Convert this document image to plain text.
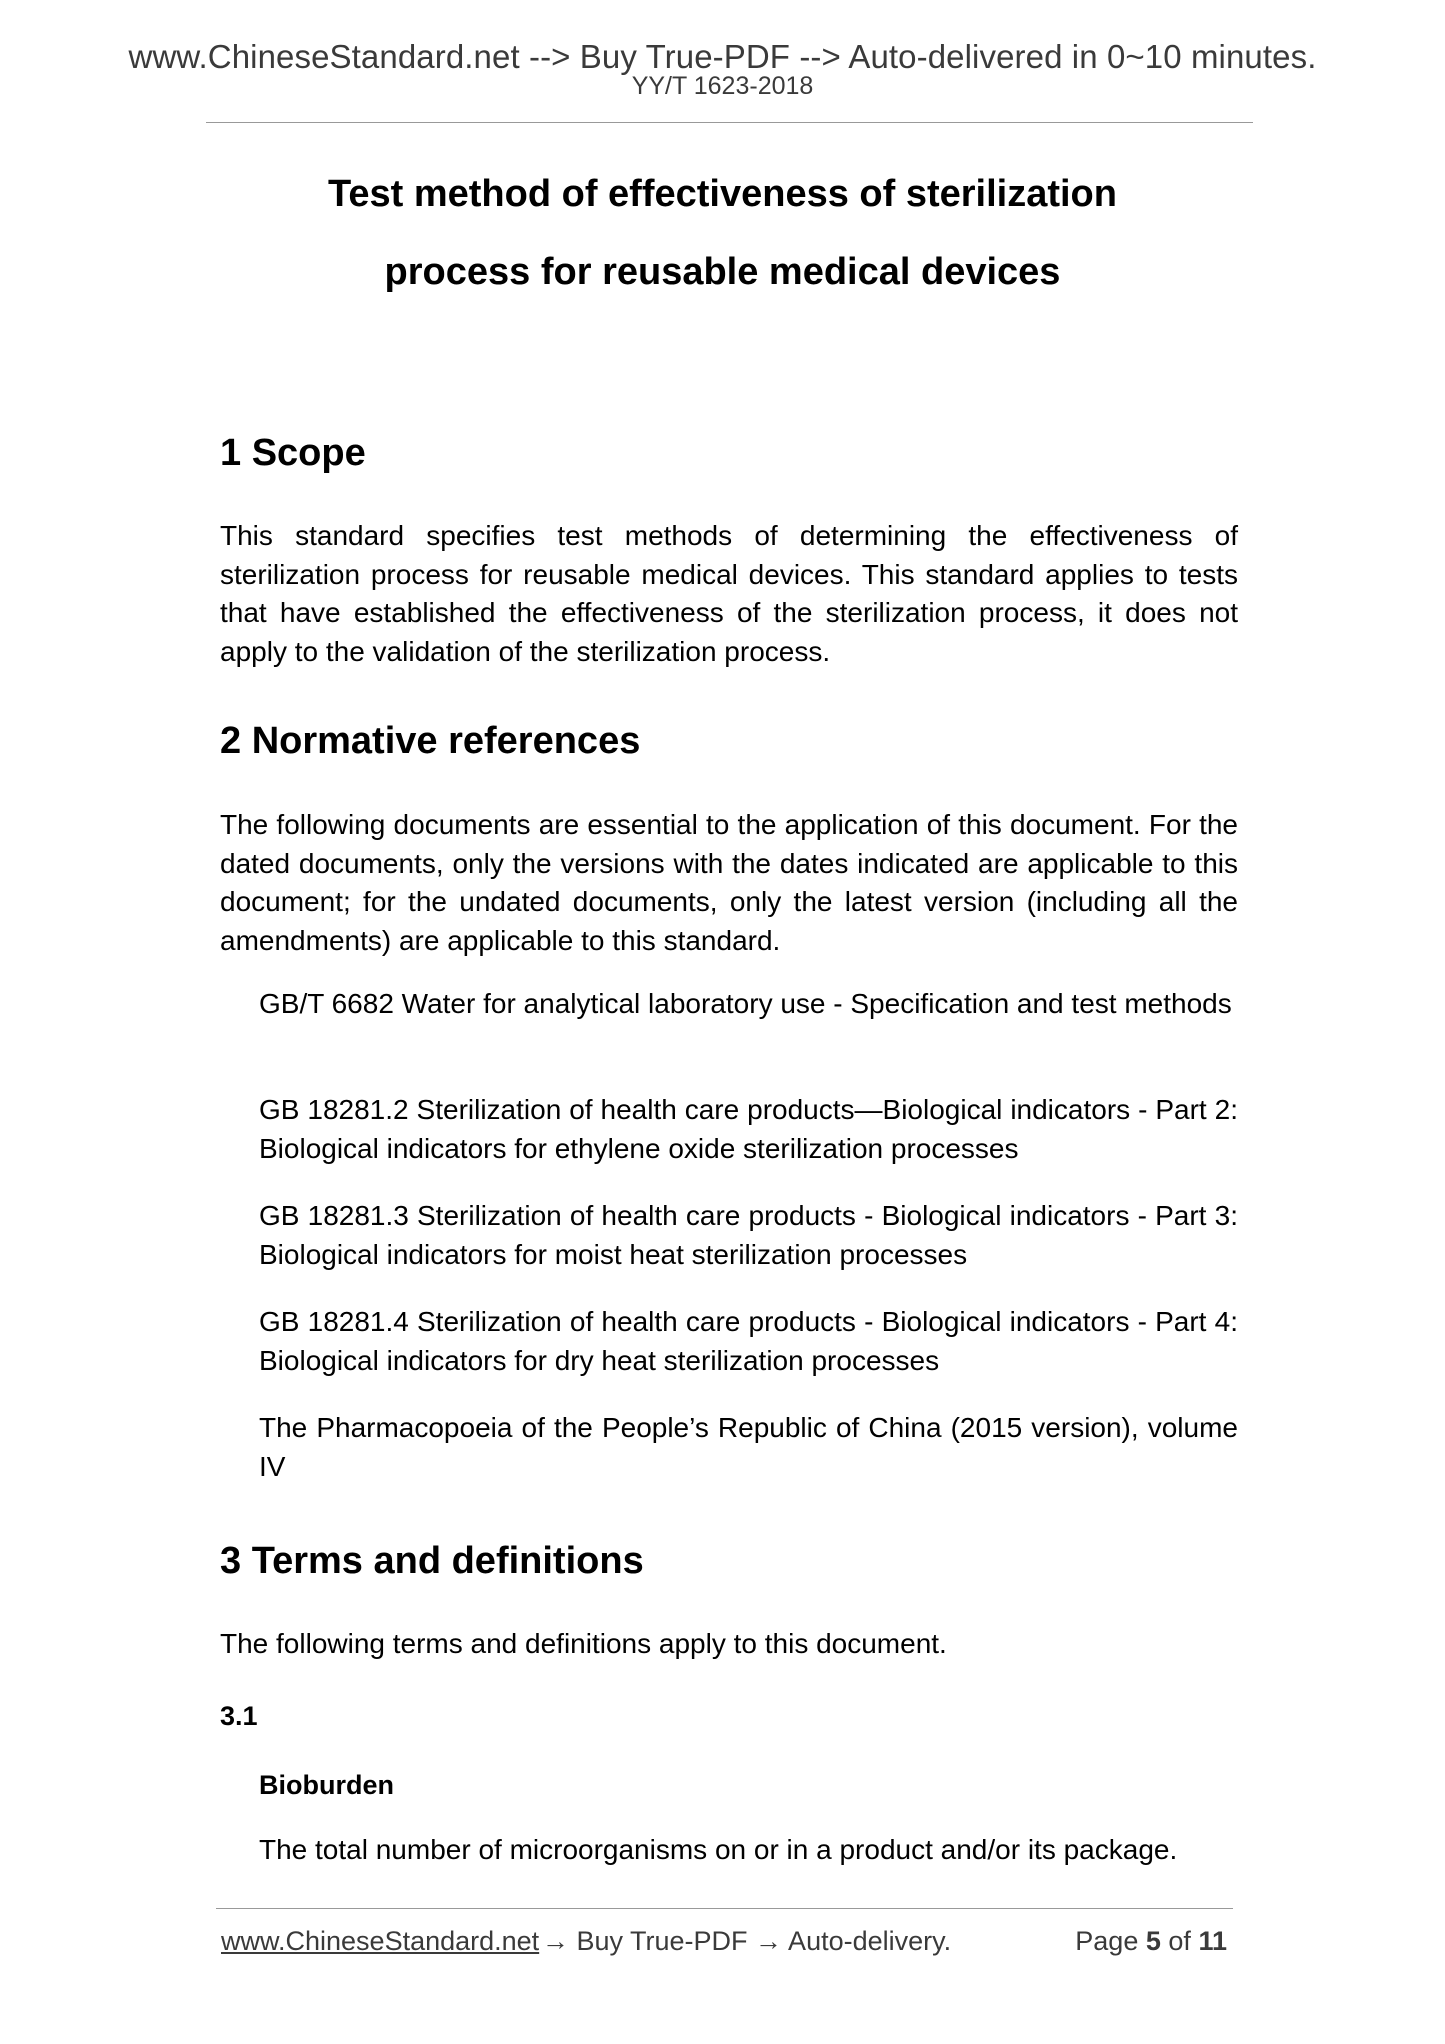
www.ChineseStandard.net --> Buy True-PDF --> Auto-delivered in 0~10 minutes.
YY/T 1623-2018
Test method of effectiveness of sterilization
process for reusable medical devices
1 Scope
This standard specifies test methods of determining the effectiveness of sterilization process for reusable medical devices. This standard applies to tests that have established the effectiveness of the sterilization process, it does not apply to the validation of the sterilization process.
2 Normative references
The following documents are essential to the application of this document. For the dated documents, only the versions with the dates indicated are applicable to this document; for the undated documents, only the latest version (including all the amendments) are applicable to this standard.
GB/T 6682 Water for analytical laboratory use - Specification and test methods
GB 18281.2 Sterilization of health care products—Biological indicators - Part 2: Biological indicators for ethylene oxide sterilization processes
GB 18281.3 Sterilization of health care products - Biological indicators - Part 3: Biological indicators for moist heat sterilization processes
GB 18281.4 Sterilization of health care products - Biological indicators - Part 4: Biological indicators for dry heat sterilization processes
The Pharmacopoeia of the People’s Republic of China (2015 version), volume IV
3 Terms and definitions
The following terms and definitions apply to this document.
3.1
Bioburden
The total number of microorganisms on or in a product and/or its package.
www.ChineseStandard.net → Buy True-PDF → Auto-delivery.	Page 5 of 11
